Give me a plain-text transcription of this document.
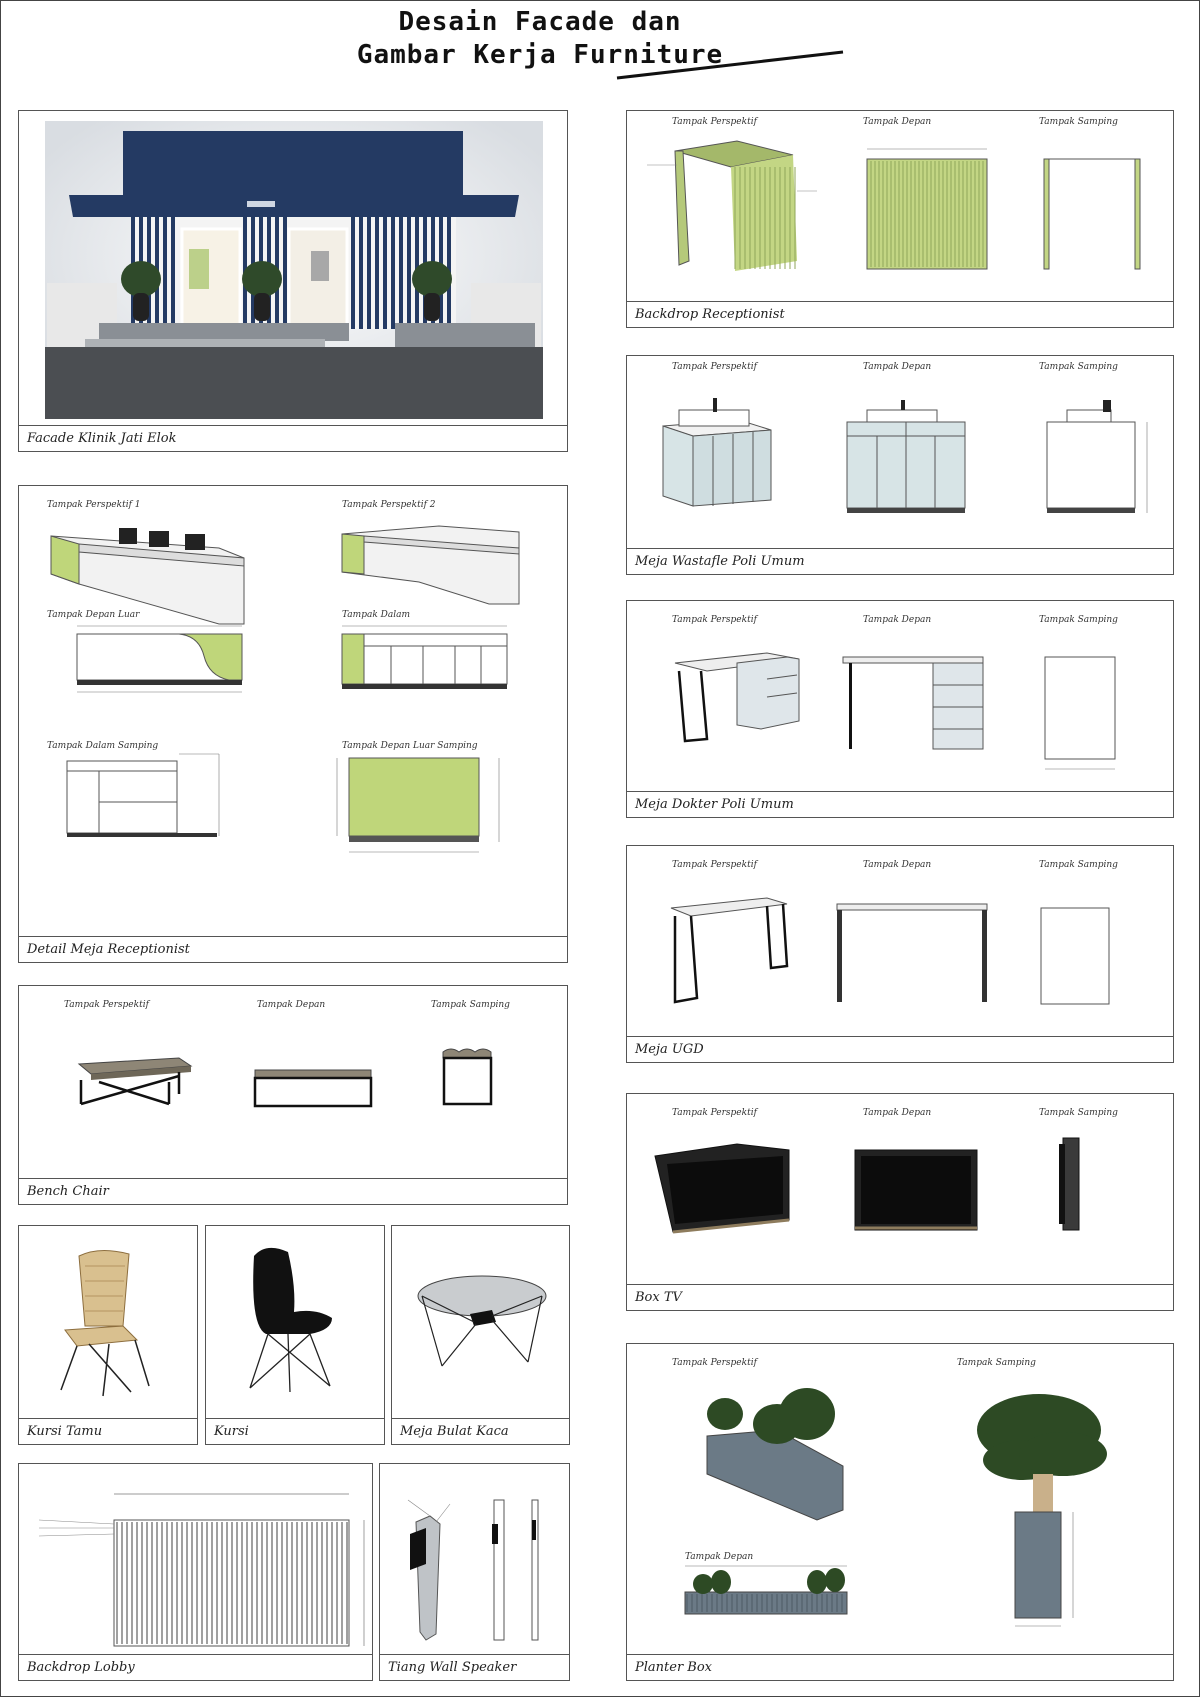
Desain Facade dan
Gambar Kerja Furniture
Facade Klinik Jati Elok
Tampak Perspektif 1	Tampak Perspektif 2
Tampak Depan Luar	Tampak Dalam
Tampak Dalam Samping	Tampak Depan Luar Samping
Detail Meja Receptionist
Tampak Perspektif	Tampak Depan	Tampak Samping
Bench Chair
Kursi Tamu	Kursi	Meja Bulat Kaca
Backdrop Lobby	Tiang Wall Speaker
Tampak Perspektif	Tampak Depan	Tampak Samping
Backdrop Receptionist
Tampak Perspektif	Tampak Depan	Tampak Samping
Meja Wastafle Poli Umum
Tampak Perspektif	Tampak Depan	Tampak Samping
Meja Dokter Poli Umum
Tampak Perspektif	Tampak Depan	Tampak Samping
Meja UGD
Tampak Perspektif	Tampak Depan	Tampak Samping
Box TV
Tampak Perspektif	Tampak Samping
Tampak Depan
Planter Box
